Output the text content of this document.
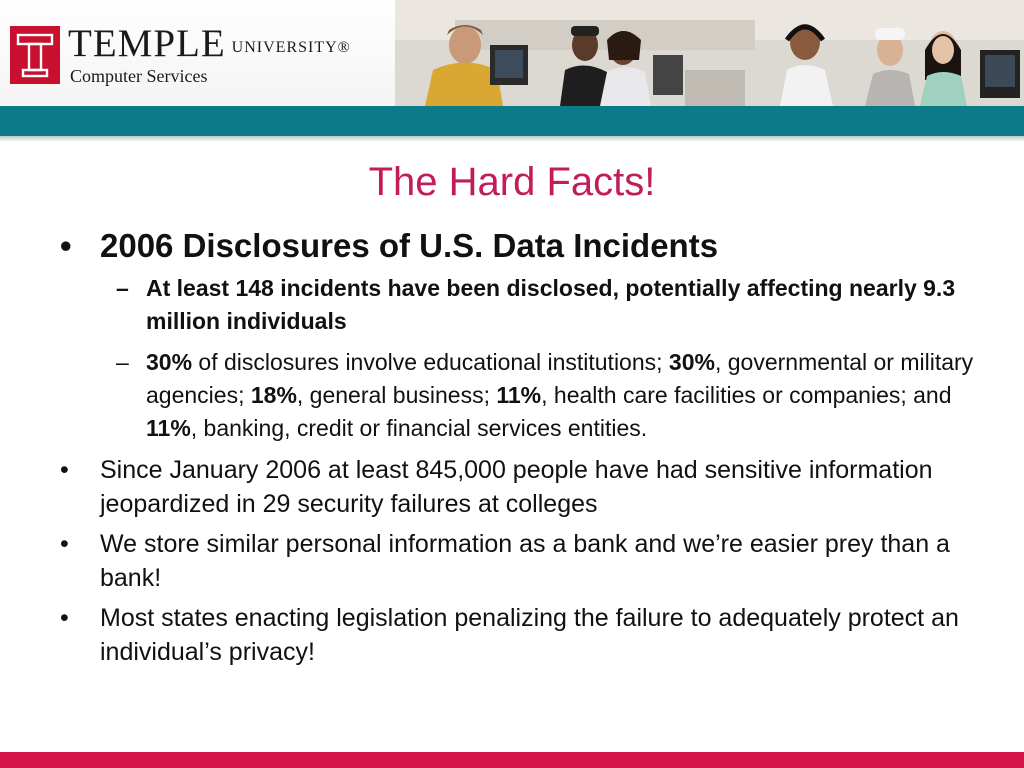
TEMPLE UNIVERSITY®
Computer Services
The Hard Facts!
• 2006 Disclosures of U.S. Data Incidents
– At least 148 incidents have been disclosed, potentially affecting nearly 9.3 million individuals
– 30% of disclosures involve educational institutions; 30%, governmental or military agencies; 18%, general business; 11%, health care facilities or companies; and 11%, banking, credit or financial services entities.
• Since January 2006 at least 845,000 people have had sensitive information jeopardized in 29 security failures at colleges
• We store similar personal information as a bank and we’re easier prey than a bank!
• Most states enacting legislation penalizing the failure to adequately protect an individual’s privacy!
